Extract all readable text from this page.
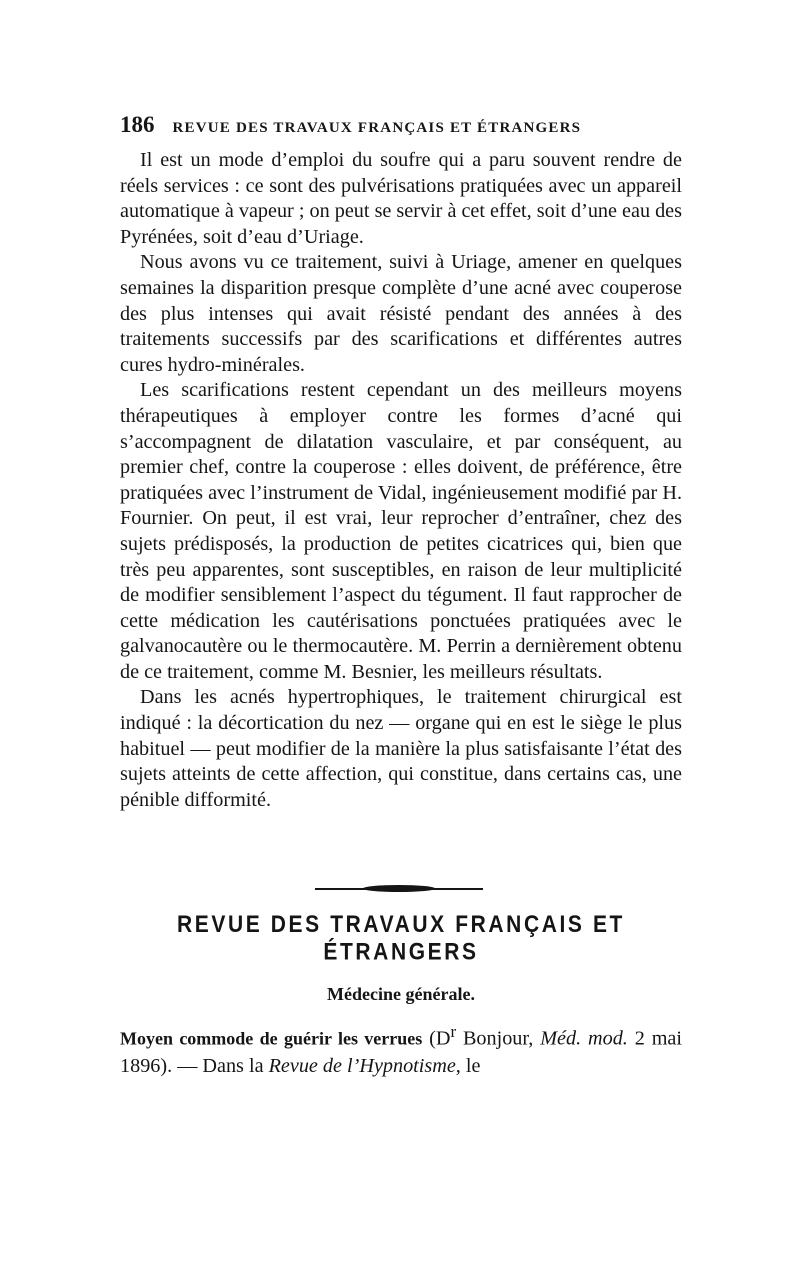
186 REVUE DES TRAVAUX FRANÇAIS ET ÉTRANGERS

Il est un mode d’emploi du soufre qui a paru souvent rendre de réels services : ce sont des pulvérisations pratiquées avec un appareil automatique à vapeur ; on peut se servir à cet effet, soit d’une eau des Pyrénées, soit d’eau d’Uriage.

Nous avons vu ce traitement, suivi à Uriage, amener en quelques semaines la disparition presque complète d’une acné avec couperose des plus intenses qui avait résisté pendant des années à des traitements successifs par des scarifications et différentes autres cures hydro-minérales.

Les scarifications restent cependant un des meilleurs moyens thérapeutiques à employer contre les formes d’acné qui s’accompagnent de dilatation vasculaire, et par conséquent, au premier chef, contre la couperose : elles doivent, de préférence, être pratiquées avec l’instrument de Vidal, ingénieusement modifié par H. Fournier. On peut, il est vrai, leur reprocher d’entraîner, chez des sujets prédisposés, la production de petites cicatrices qui, bien que très peu apparentes, sont susceptibles, en raison de leur multiplicité de modifier sensiblement l’aspect du tégument. Il faut rapprocher de cette médication les cautérisations ponctuées pratiquées avec le galvanocautère ou le thermocautère. M. Perrin a dernièrement obtenu de ce traitement, comme M. Besnier, les meilleurs résultats.

Dans les acnés hypertrophiques, le traitement chirurgical est indiqué : la décortication du nez — organe qui en est le siège le plus habituel — peut modifier de la manière la plus satisfaisante l’état des sujets atteints de cette affection, qui constitue, dans certains cas, une pénible difformité.

REVUE DES TRAVAUX FRANÇAIS ET ÉTRANGERS
Médecine générale.
Moyen commode de guérir les verrues ($D^r$ Bonjour, Méd. mod. 2 mai 1896). — Dans la Revue de l’Hypnotisme, le
